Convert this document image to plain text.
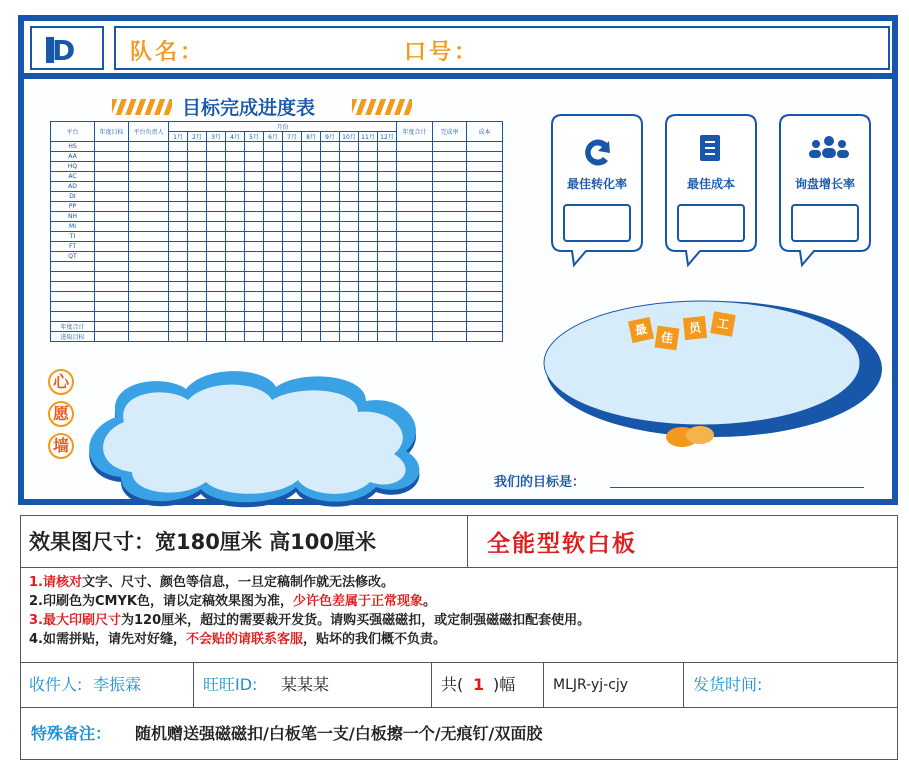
D 队名：	口号：
目标完成进度表
平台	年度目标	平台负责人	月份												年度合计	完成率	成本
			1月	2月	3月	4月	5月	6月	7月	8月	9月	10月	11月	12月			
HS																	
AA																	
HQ																	
AC																	
AD																	
DI																	
PP																	
NH																	
MI																	
TI																	
FT																	
QT																	

年度合计																	
进取目标																	
心
愿
墙
最佳转化率	最佳成本	询盘增长率
最 佳
员	工
我们的目标是：
效果图尺寸：宽180厘米 高100厘米	全能型软白板
1.请核对文字、尺寸、颜色等信息，一旦定稿制作就无法修改。
2.印刷色为CMYK色，请以定稿效果图为准，少许色差属于正常现象。
3.最大印刷尺寸为120厘米，超过的需要裁开发货。请购买强磁磁扣，或定制强磁磁扣配套使用。
4.如需拼贴，请先对好缝，不会贴的请联系客服，贴坏的我们概不负责。
收件人: 李振霖	旺旺ID: 某某某	共( 1 )幅	MLJR-yj-cjy	发货时间:
特殊备注： 随机赠送强磁磁扣/白板笔一支/白板擦一个/无痕钉/双面胶
